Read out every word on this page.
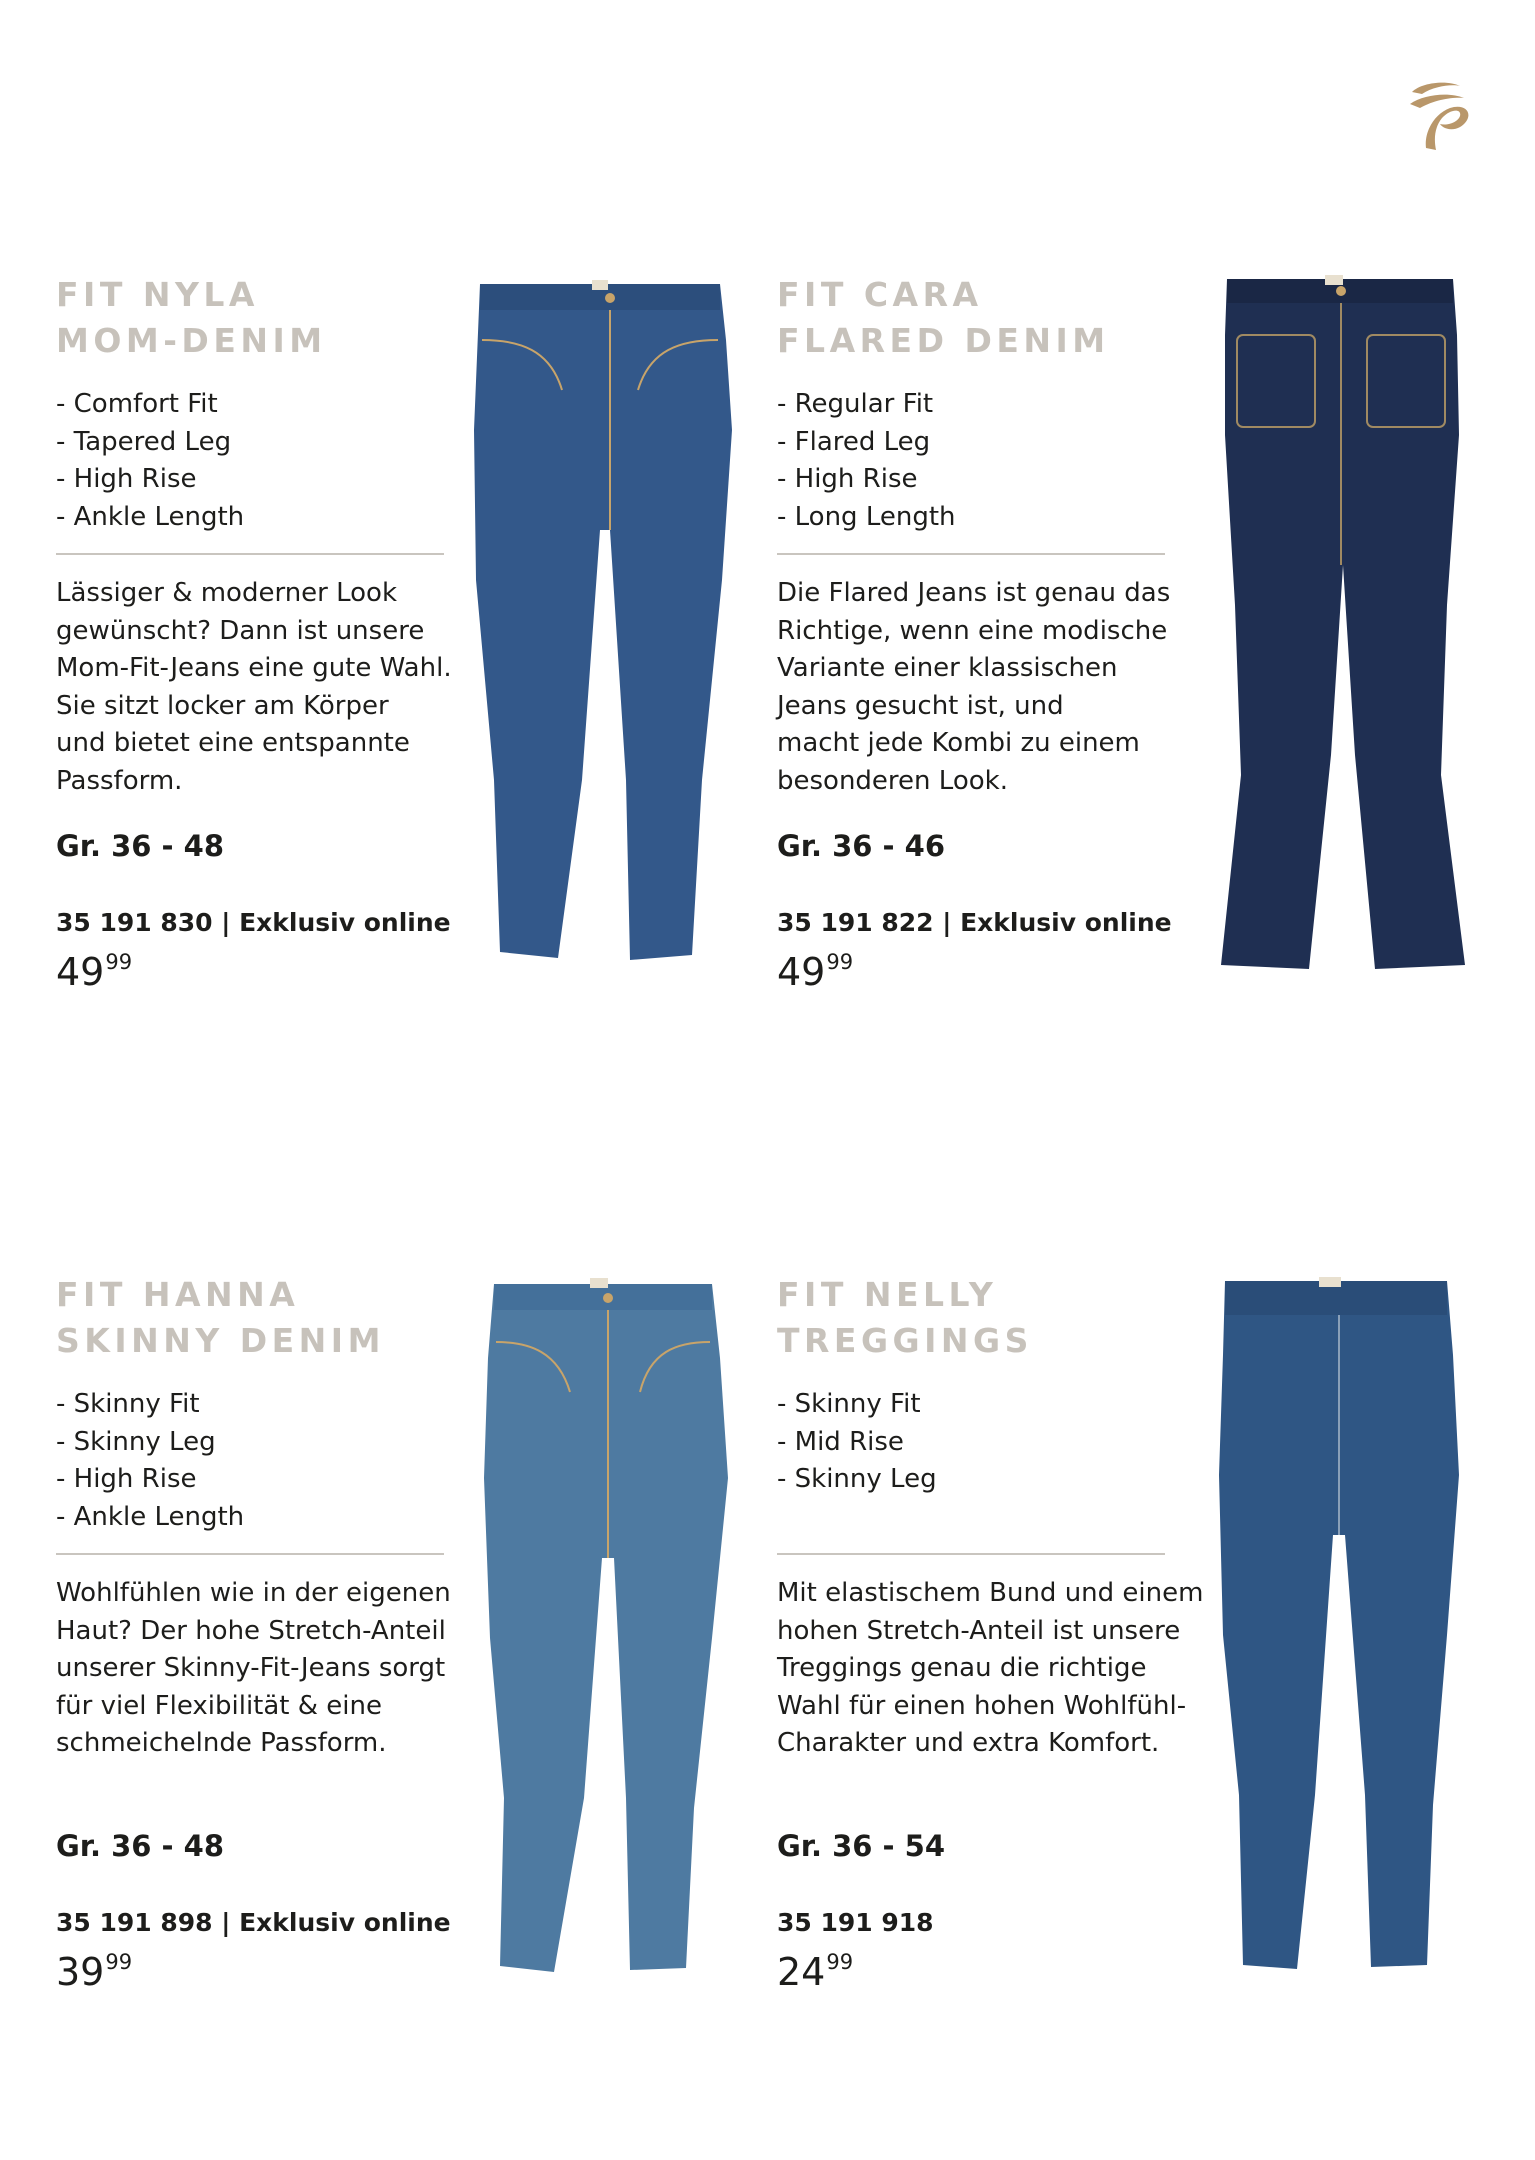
FIT NYLA
MOM-DENIM
- Comfort Fit
- Tapered Leg
- High Rise
- Ankle Length
Lässiger & moderner Look
gewünscht? Dann ist unsere
Mom-Fit-Jeans eine gute Wahl.
Sie sitzt locker am Körper
und bietet eine entspannte
Passform.
Gr. 36 - 48
35 191 830 | Exklusiv online
$49^{99}$
FIT CARA
FLARED DENIM
- Regular Fit
- Flared Leg
- High Rise
- Long Length
Die Flared Jeans ist genau das
Richtige, wenn eine modische
Variante einer klassischen
Jeans gesucht ist, und
macht jede Kombi zu einem
besonderen Look.
Gr. 36 - 46
35 191 822 | Exklusiv online
$49^{99}$
FIT HANNA
SKINNY DENIM
- Skinny Fit
- Skinny Leg
- High Rise
- Ankle Length
Wohlfühlen wie in der eigenen
Haut? Der hohe Stretch-Anteil
unserer Skinny-Fit-Jeans sorgt
für viel Flexibilität & eine
schmeichelnde Passform.
Gr. 36 - 48
35 191 898 | Exklusiv online
$39^{99}$
FIT NELLY
TREGGINGS
- Skinny Fit
- Mid Rise
- Skinny Leg
Mit elastischem Bund und einem
hohen Stretch-Anteil ist unsere
Treggings genau die richtige
Wahl für einen hohen Wohlfühl-
Charakter und extra Komfort.
Gr. 36 - 54
35 191 918
$24^{99}$
